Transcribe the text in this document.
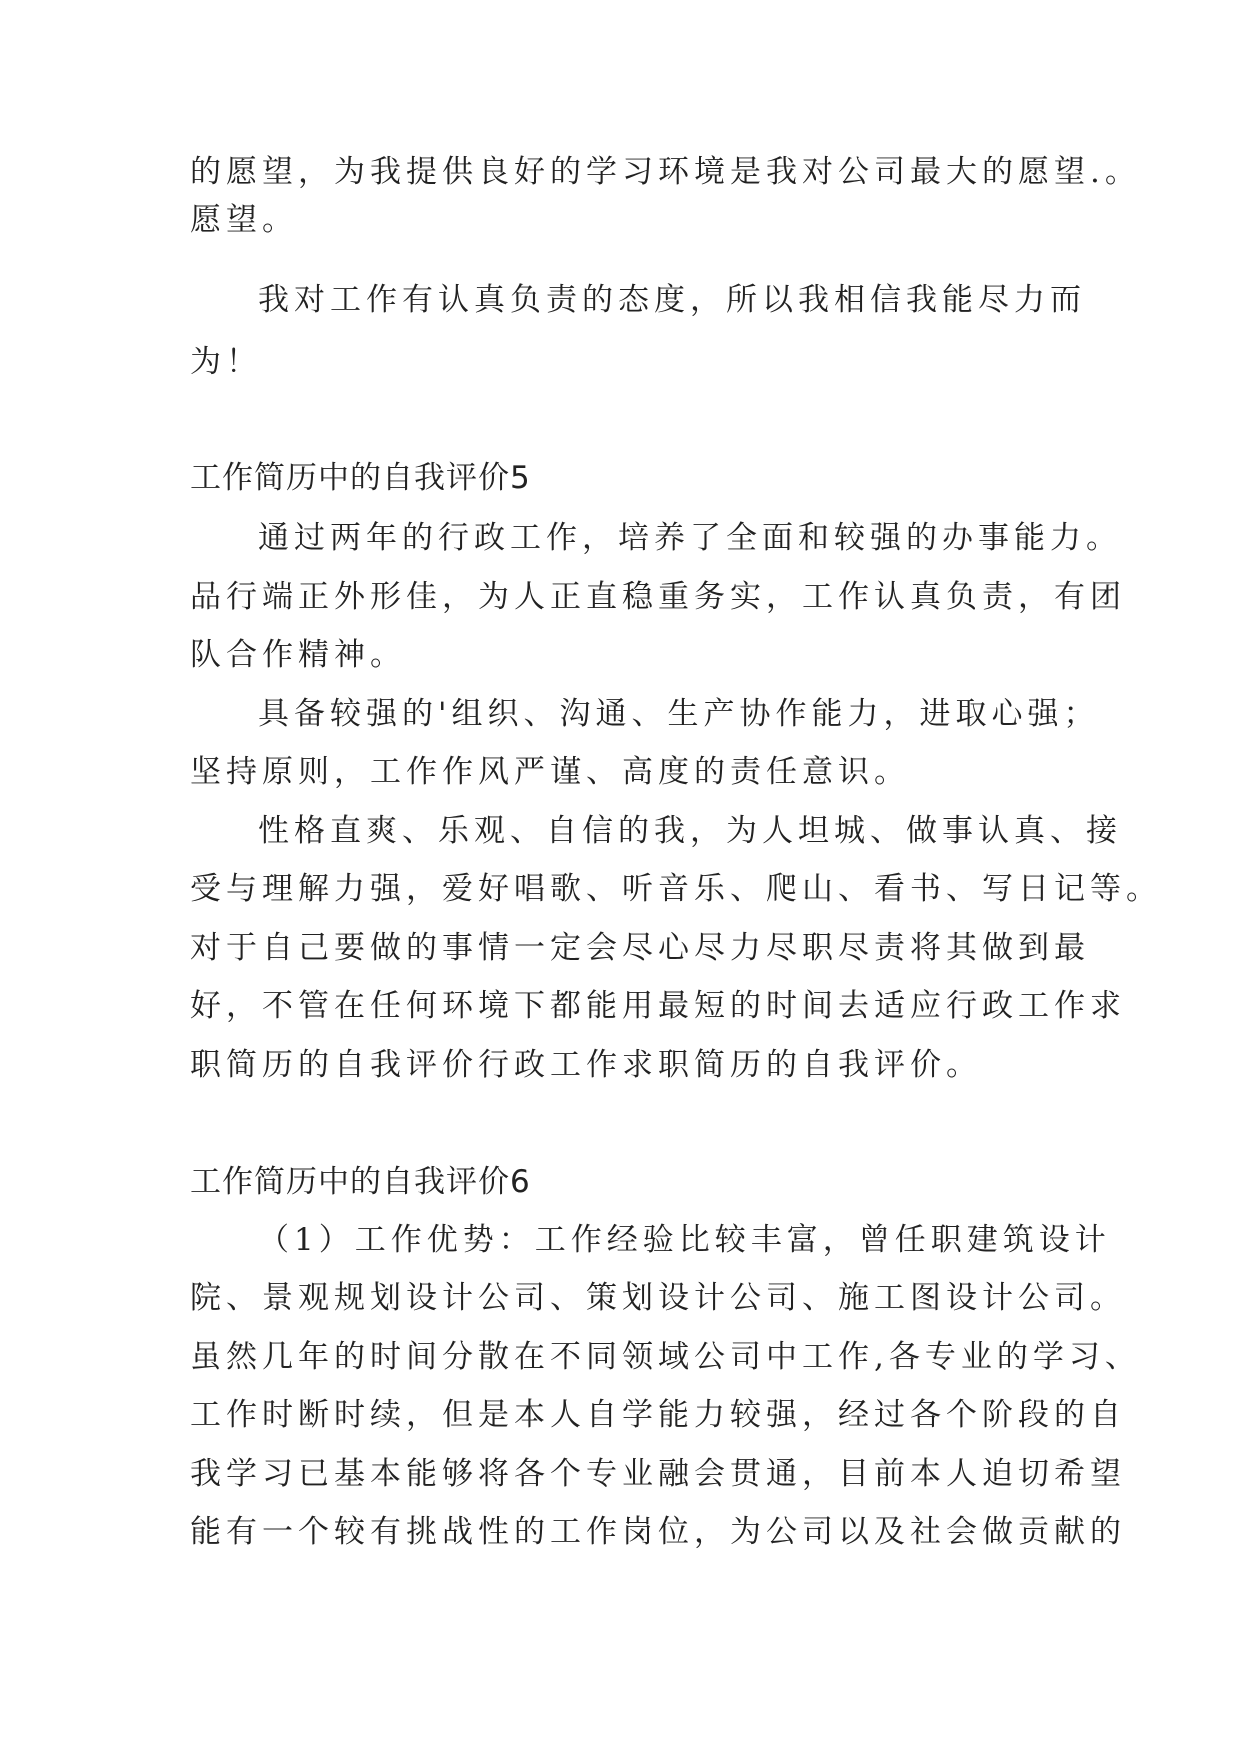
的愿望，为我提供良好的学习环境是我对公司最大的愿望.。
愿望。
我对工作有认真负责的态度，所以我相信我能尽力而
为！
工作简历中的自我评价5
通过两年的行政工作，培养了全面和较强的办事能力。
品行端正外形佳，为人正直稳重务实，工作认真负责，有团
队合作精神。
具备较强的'组织、沟通、生产协作能力，进取心强；
坚持原则，工作作风严谨、高度的责任意识。
性格直爽、乐观、自信的我，为人坦城、做事认真、接
受与理解力强，爱好唱歌、听音乐、爬山、看书、写日记等。
对于自己要做的事情一定会尽心尽力尽职尽责将其做到最
好，不管在任何环境下都能用最短的时间去适应行政工作求
职简历的自我评价行政工作求职简历的自我评价。
工作简历中的自我评价6
（1）工作优势：工作经验比较丰富，曾任职建筑设计
院、景观规划设计公司、策划设计公司、施工图设计公司。
虽然几年的时间分散在不同领域公司中工作,各专业的学习、
工作时断时续，但是本人自学能力较强，经过各个阶段的自
我学习已基本能够将各个专业融会贯通，目前本人迫切希望
能有一个较有挑战性的工作岗位，为公司以及社会做贡献的
